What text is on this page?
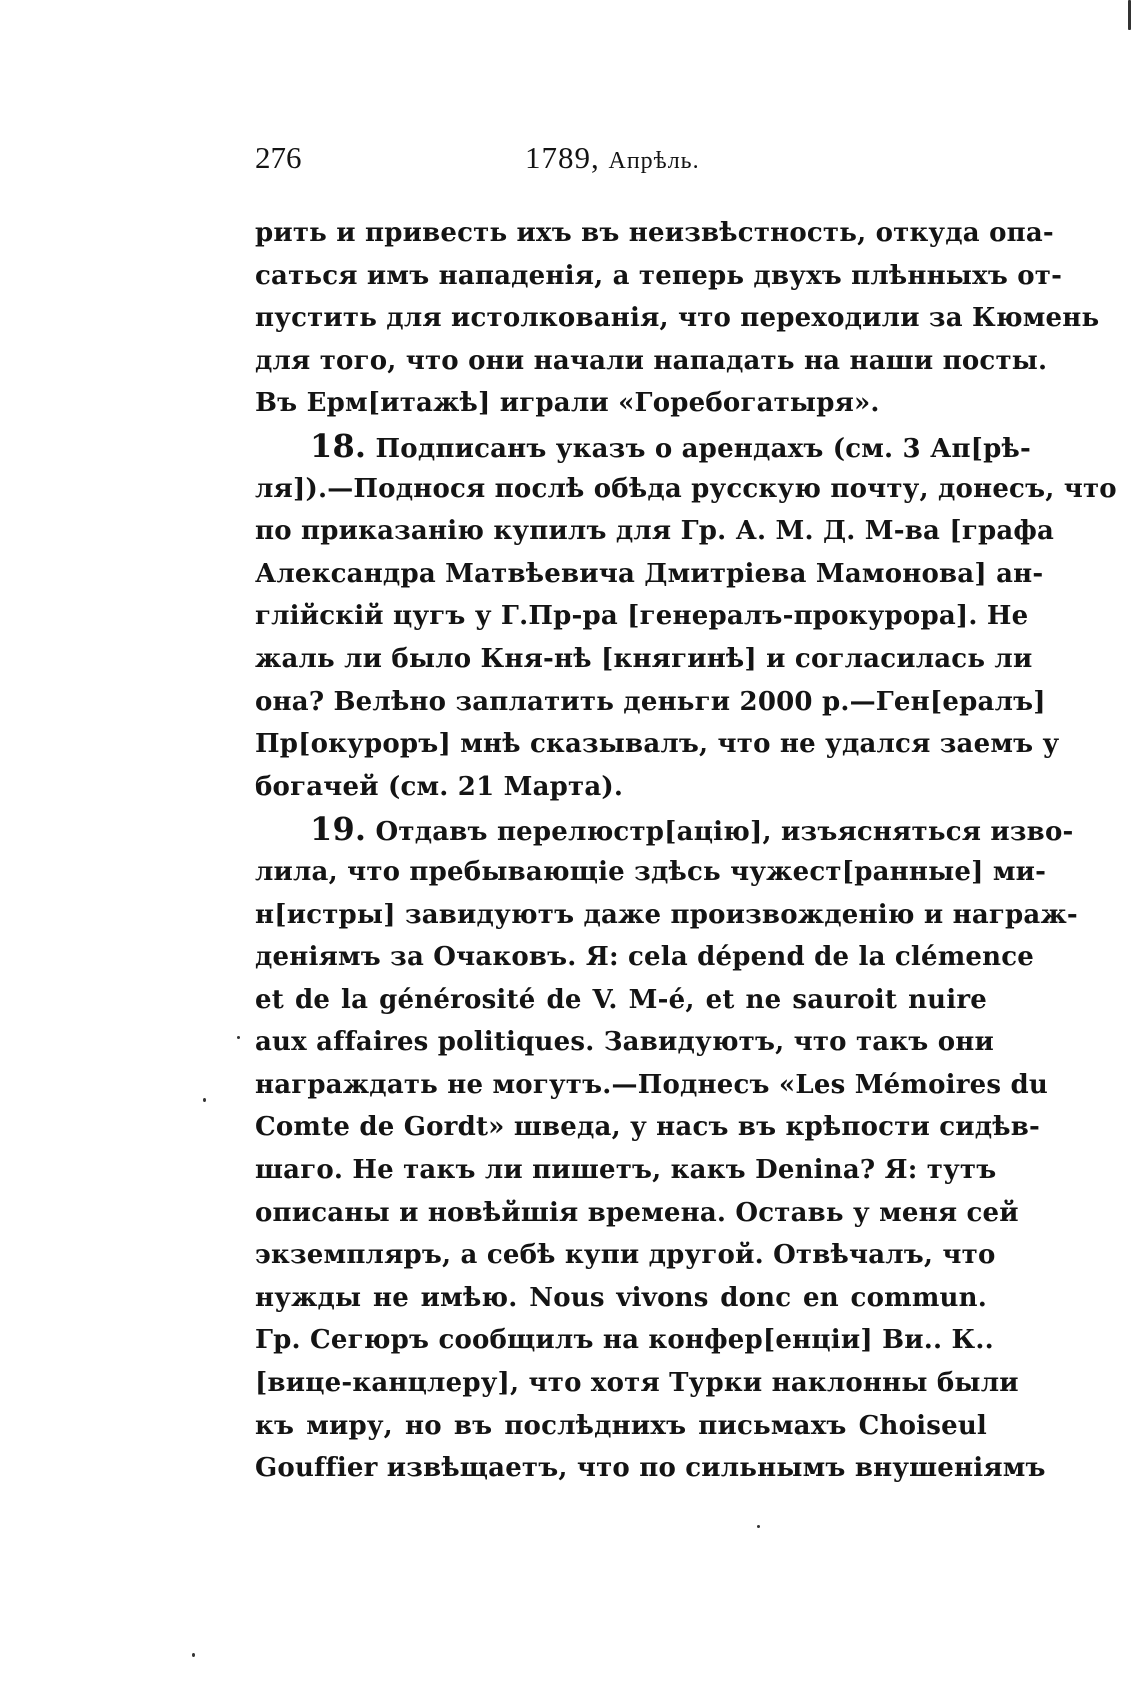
276	1789, Апрѣль.
рить и привесть ихъ въ неизвѣстность, откуда опа-
саться имъ нападенія, а теперь двухъ плѣнныхъ от-
пустить для истолкованія, что переходили за Кюмень
для того, что они начали нападать на наши посты.
Въ Ерм[итажѣ] играли «Горебогатыря».
18. Подписанъ указъ о арендахъ (см. 3 Ап[рѣ-
ля]).—Поднося послѣ обѣда русскую почту, донесъ, что
по приказанію купилъ для Гр. А. М. Д. М-ва [графа
Александра Матвѣевича Дмитріева Мамонова] ан-
глійскій цугъ у Г.Пр-ра [генералъ-прокурора]. Не
жаль ли было Кня-нѣ [княгинѣ] и согласилась ли
она? Велѣно заплатить деньги 2000 р.—Ген[ералъ]
Пр[окуроръ] мнѣ сказывалъ, что не удался заемъ у
богачей (см. 21 Марта).
19. Отдавъ перелюстр[ацію], изъясняться изво-
лила, что пребывающіе здѣсь чужест[ранные] ми-
н[истры] завидуютъ даже произвожденію и награж-
деніямъ за Очаковъ. Я: cela dépend de la clémence
et de la générosité de V. M-é, et ne sauroit nuire
aux affaires politiques. Завидуютъ, что такъ они
награждать не могутъ.—Поднесъ «Les Mémoires du
Comte de Gordt» шведа, у насъ въ крѣпости сидѣв-
шаго. Не такъ ли пишетъ, какъ Denina? Я: тутъ
описаны и новѣйшія времена. Оставь у меня сей
экземпляръ, а себѣ купи другой. Отвѣчалъ, что
нужды не имѣю. Nous vivons donc en commun.
Гр. Сегюръ сообщилъ на конфер[енціи] Ви.. К..
[вице-канцлеру], что хотя Турки наклонны были
къ миру, но въ послѣднихъ письмахъ Choiseul
Gouffier извѣщаетъ, что по сильнымъ внушеніямъ
